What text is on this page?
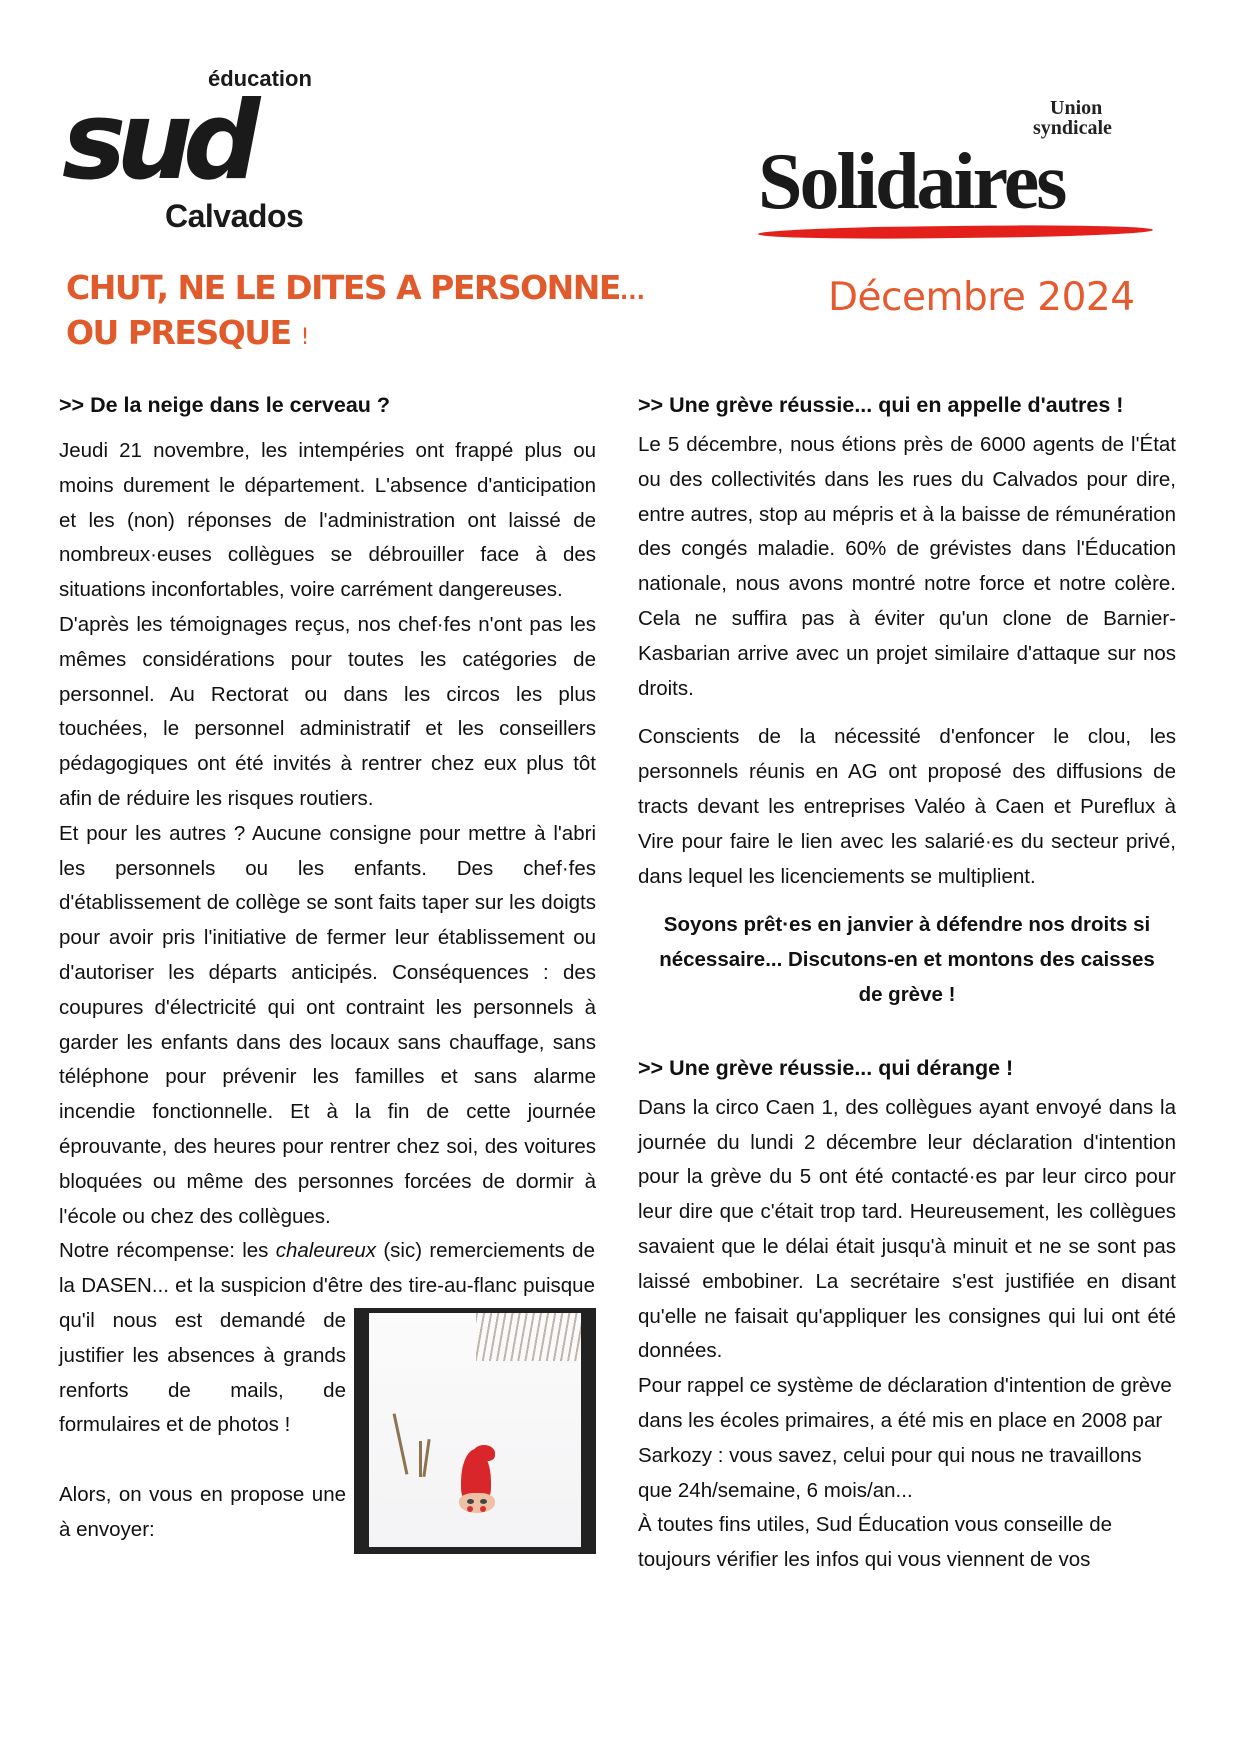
éducation
sud
Calvados
Union
syndicale
Solidaires
CHUT, NE LE DITES A PERSONNE...
OU PRESQUE !
Décembre 2024
>> De la neige dans le cerveau ?

Jeudi 21 novembre, les intempéries ont frappé plus ou moins durement le département. L'absence d'anticipation et les (non) réponses de l'administration ont laissé de nombreux·euses collègues se débrouiller face à des situations inconfortables, voire carrément dangereuses.

D'après les témoignages reçus, nos chef·fes n'ont pas les mêmes considérations pour toutes les catégories de personnel. Au Rectorat ou dans les circos les plus touchées, le personnel administratif et les conseillers pédagogiques ont été invités à rentrer chez eux plus tôt afin de réduire les risques routiers.

Et pour les autres ? Aucune consigne pour mettre à l'abri les personnels ou les enfants. Des chef·fes d'établissement de collège se sont faits taper sur les doigts pour avoir pris l'initiative de fermer leur établissement ou d'autoriser les départs anticipés. Conséquences : des coupures d'électricité qui ont contraint les personnels à garder les enfants dans des locaux sans chauffage, sans téléphone pour prévenir les familles et sans alarme incendie fonctionnelle. Et à la fin de cette journée éprouvante, des heures pour rentrer chez soi, des voitures bloquées ou même des personnes forcées de dormir à l'école ou chez des collègues.

Notre récompense: les chaleureux (sic) remerciements de la DASEN... et la suspicion d'être des tire-au-flanc puisque qu'il nous est demandé de justifier les absences à grands renforts de mails, de formulaires et de photos !

Alors, on vous en propose une à envoyer:

>> Une grève réussie... qui en appelle d'autres !

Le 5 décembre, nous étions près de 6000 agents de l'État ou des collectivités dans les rues du Calvados pour dire, entre autres, stop au mépris et à la baisse de rémunération des congés maladie. 60% de grévistes dans l'Éducation nationale, nous avons montré notre force et notre colère. Cela ne suffira pas à éviter qu'un clone de Barnier-Kasbarian arrive avec un projet similaire d'attaque sur nos droits.

Conscients de la nécessité d'enfoncer le clou, les personnels réunis en AG ont proposé des diffusions de tracts devant les entreprises Valéo à Caen et Pureflux à Vire pour faire le lien avec les salarié·es du secteur privé, dans lequel les licenciements se multiplient.

Soyons prêt·es en janvier à défendre nos droits si nécessaire... Discutons-en et montons des caisses de grève !

>> Une grève réussie... qui dérange !

Dans la circo Caen 1, des collègues ayant envoyé dans la journée du lundi 2 décembre leur déclaration d'intention pour la grève du 5 ont été contacté·es par leur circo pour leur dire que c'était trop tard. Heureusement, les collègues savaient que le délai était jusqu'à minuit et ne se sont pas laissé embobiner. La secrétaire s'est justifiée en disant qu'elle ne faisait qu'appliquer les consignes qui lui ont été données.

Pour rappel ce système de déclaration d'intention de grève dans les écoles primaires, a été mis en place en 2008 par Sarkozy : vous savez, celui pour qui nous ne travaillons que 24h/semaine, 6 mois/an...

À toutes fins utiles, Sud Éducation vous conseille de toujours vérifier les infos qui vous viennent de vos
